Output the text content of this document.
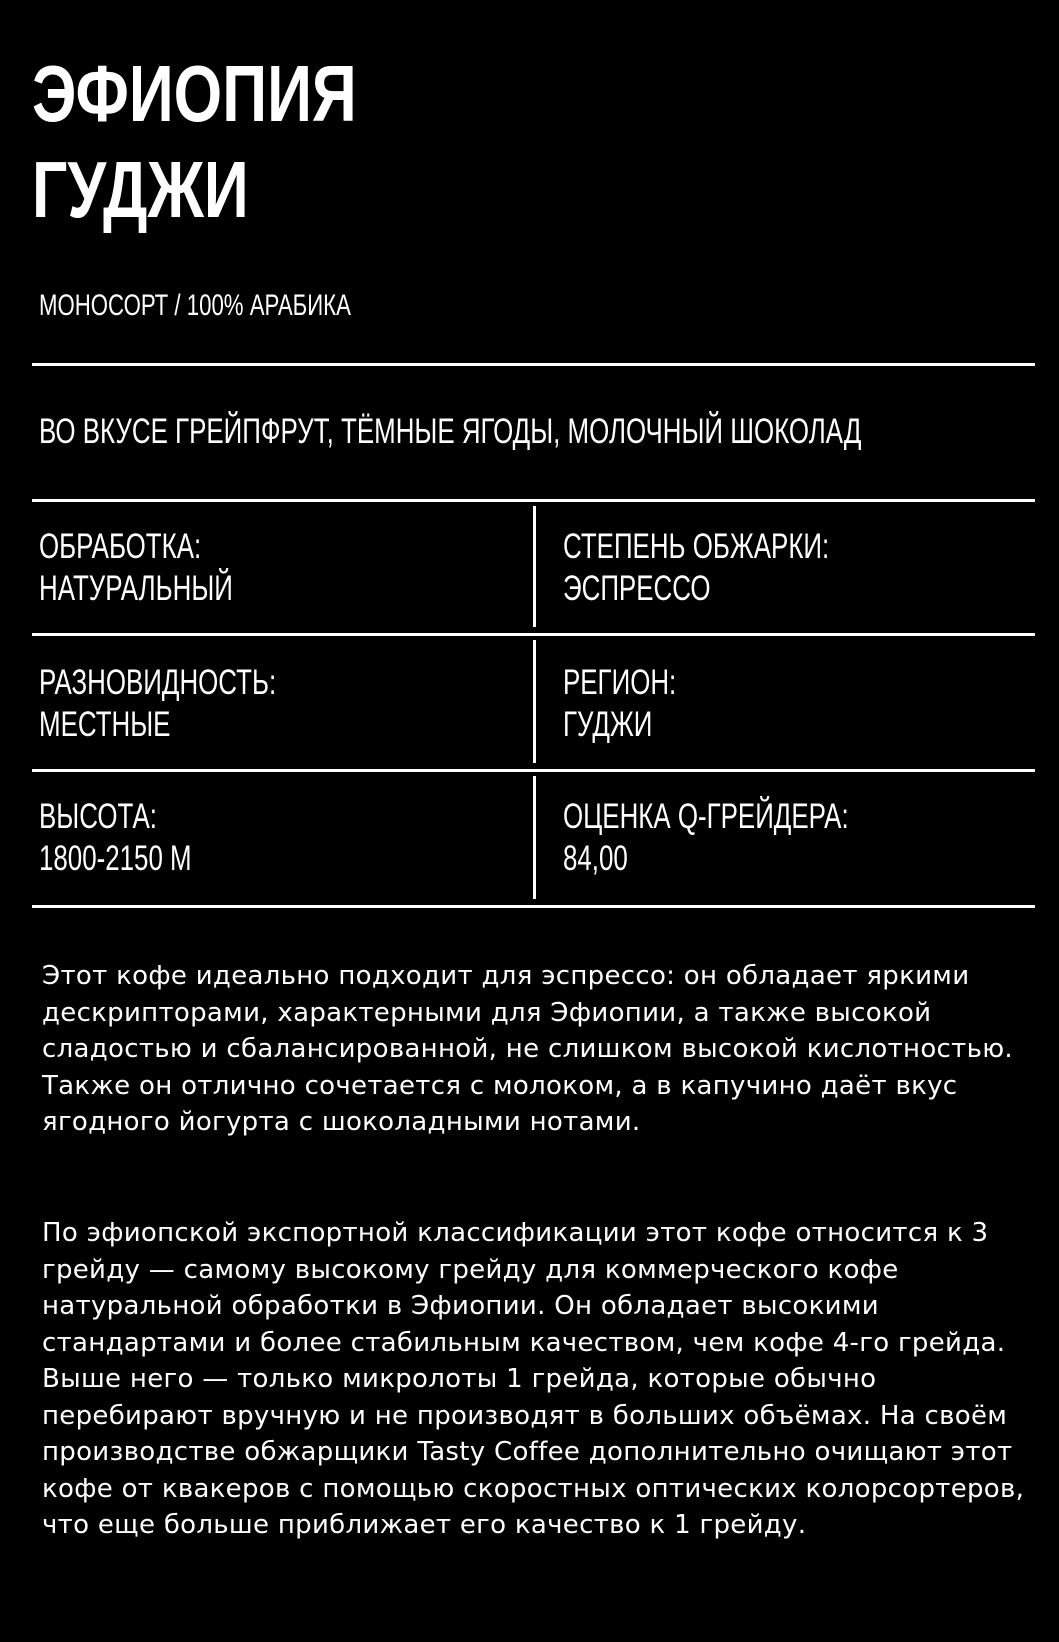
ЭФИОПИЯ
ГУДЖИ
МОНОСОРТ / 100% АРАБИКА
ВО ВКУСЕ ГРЕЙПФРУТ, ТЁМНЫЕ ЯГОДЫ, МОЛОЧНЫЙ ШОКОЛАД
ОБРАБОТКА:
НАТУРАЛЬНЫЙ
СТЕПЕНЬ ОБЖАРКИ:
ЭСПРЕССО
РАЗНОВИДНОСТЬ:
МЕСТНЫЕ
РЕГИОН:
ГУДЖИ
ВЫСОТА:
1800-2150 М
ОЦЕНКА Q-ГРЕЙДЕРА:
84,00

Этот кофе идеально подходит для эспрессо: он обладает яркими дескрипторами, характерными для Эфиопии, а также высокой сладостью и сбалансированной, не слишком высокой кислотностью. Также он отлично сочетается с молоком, а в капучино даёт вкус ягодного йогурта с шоколадными нотами.

По эфиопской экспортной классификации этот кофе относится к 3 грейду — самому высокому грейду для коммерческого кофе натуральной обработки в Эфиопии. Он обладает высокими стандартами и более стабильным качеством, чем кофе 4-го грейда. Выше него — только микролоты 1 грейда, которые обычно перебирают вручную и не производят в больших объёмах. На своём производстве обжарщики Tasty Coffee дополнительно очищают этот кофе от квакеров с помощью скоростных оптических колорсортеров, что еще больше приближает его качество к 1 грейду.
